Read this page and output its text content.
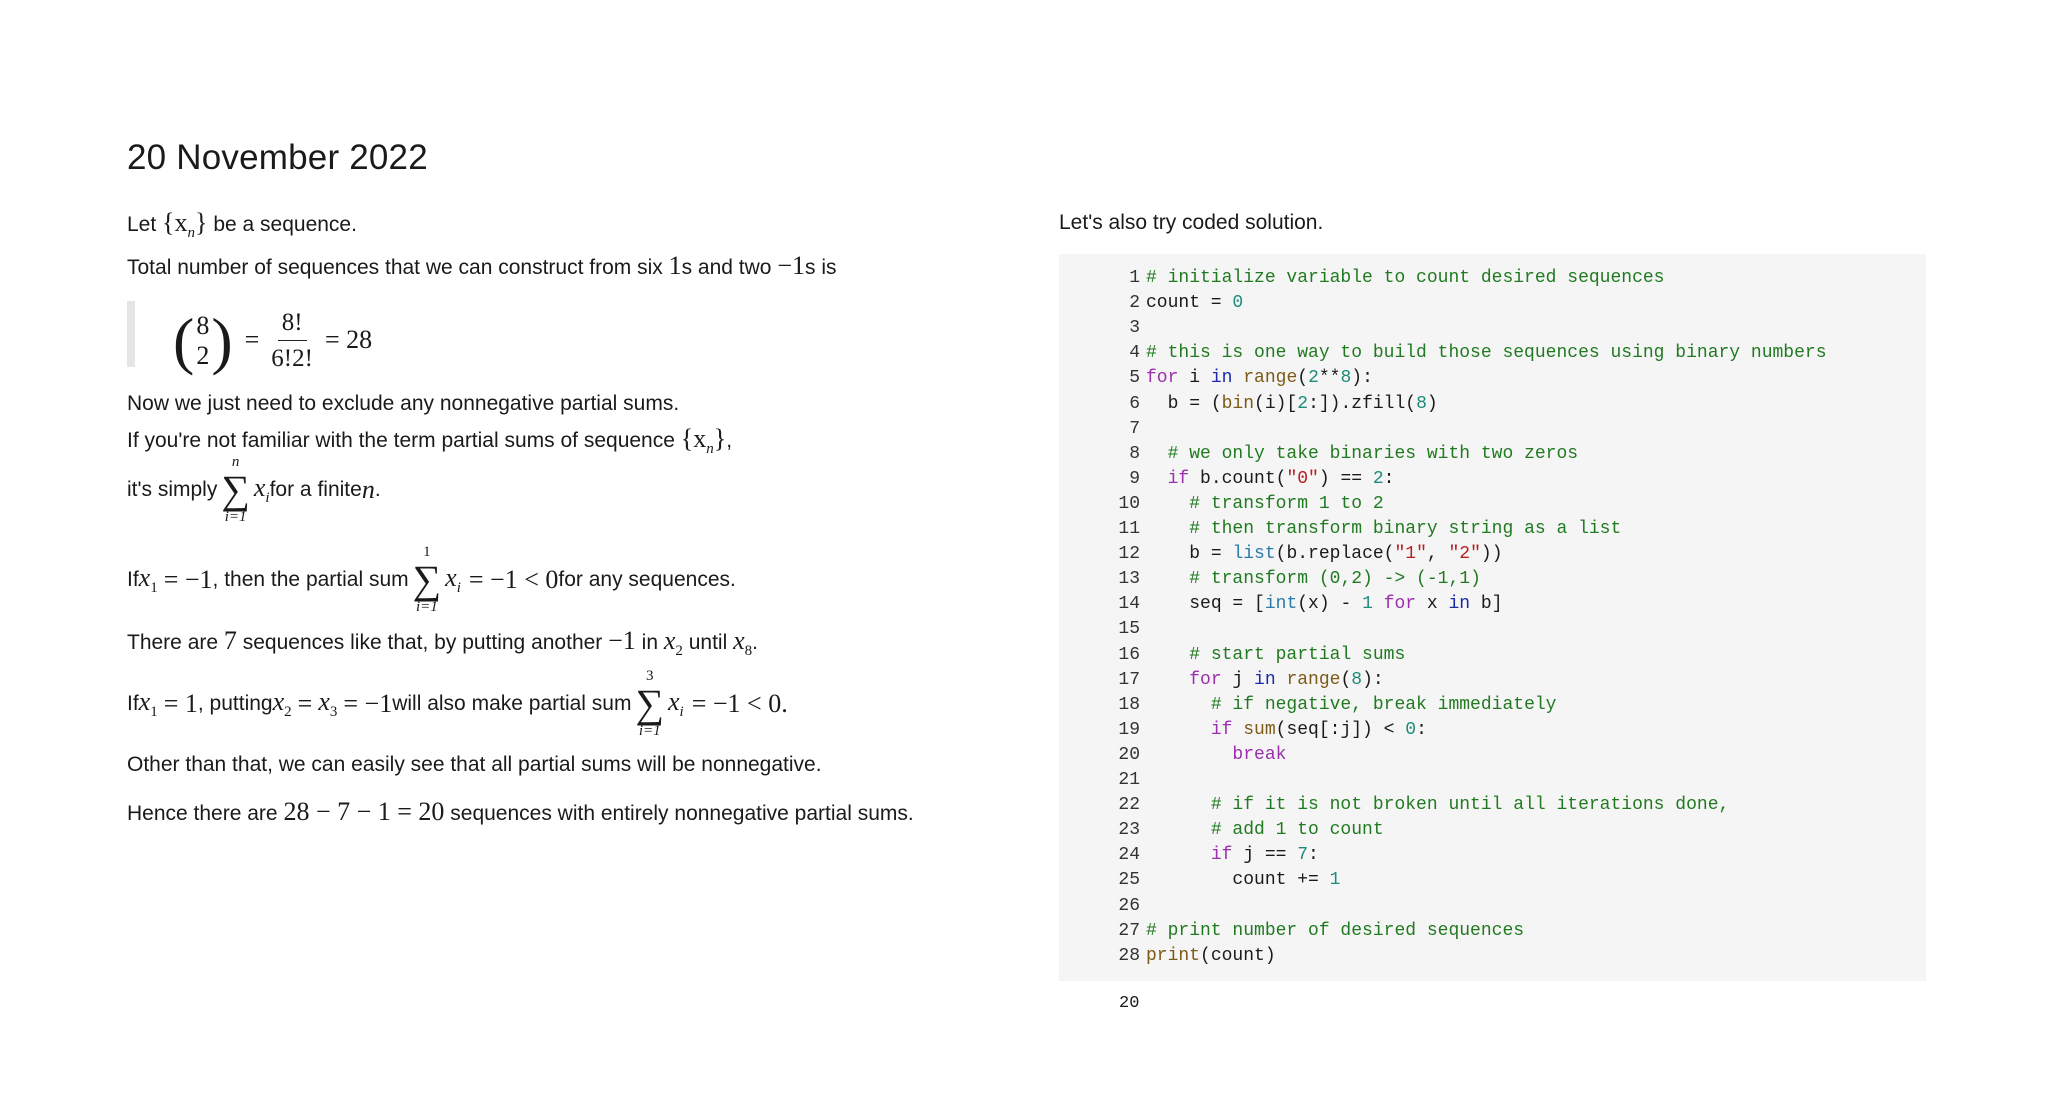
20 November 2022
Let $\{x_n\}$ be a sequence.
Total number of sequences that we can construct from six 1s and two −1s is
( 8
2 ) = $\frac{8!}{6!2!} = 28$
Now we just need to exclude any nonnegative partial sums.
If you're not familiar with the term partial sums of sequence $\{x_n\}$,
it's simply
n
∑
i=1
$x_i$ for a finite n .
If $x_1 = -1$ , then the partial sum
1
∑
i=1
$x_i = -1 < 0$ for any sequences.
There are 7 sequences like that, by putting another −1 in $x_2$ until $x_8$.
If $x_1 = 1$ , putting $x_2 = x_3 = -1$ will also make partial sum
3
∑
i=1
$x_i = -1 < 0$.
Other than that, we can easily see that all partial sums will be nonnegative.
Hence there are 28 − 7 − 1 = 20 sequences with entirely nonnegative partial sums.
Let's also try coded solution.
1 # initialize variable to count desired sequences
2 count = 0
3
4 # this is one way to build those sequences using binary numbers
5 for i in range(2**8):
6 b = (bin(i)[2:]).zfill(8)
7
8 # we only take binaries with two zeros
9 if b.count("0") == 2:
10	# transform 1 to 2
11	# then transform binary string as a list
12	b = list(b.replace("1", "2"))
13	# transform (0,2) -> (-1,1)
14	seq = [int(x) - 1 for x in b]
15
16	# start partial sums
17	for j in range(8):
18	# if negative, break immediately
19	if sum(seq[:j]) < 0:
20	break
21
22	# if it is not broken until all iterations done,
23	# add 1 to count
24	if j == 7:
25	count += 1
26
27 # print number of desired sequences
28 print(count)
20
